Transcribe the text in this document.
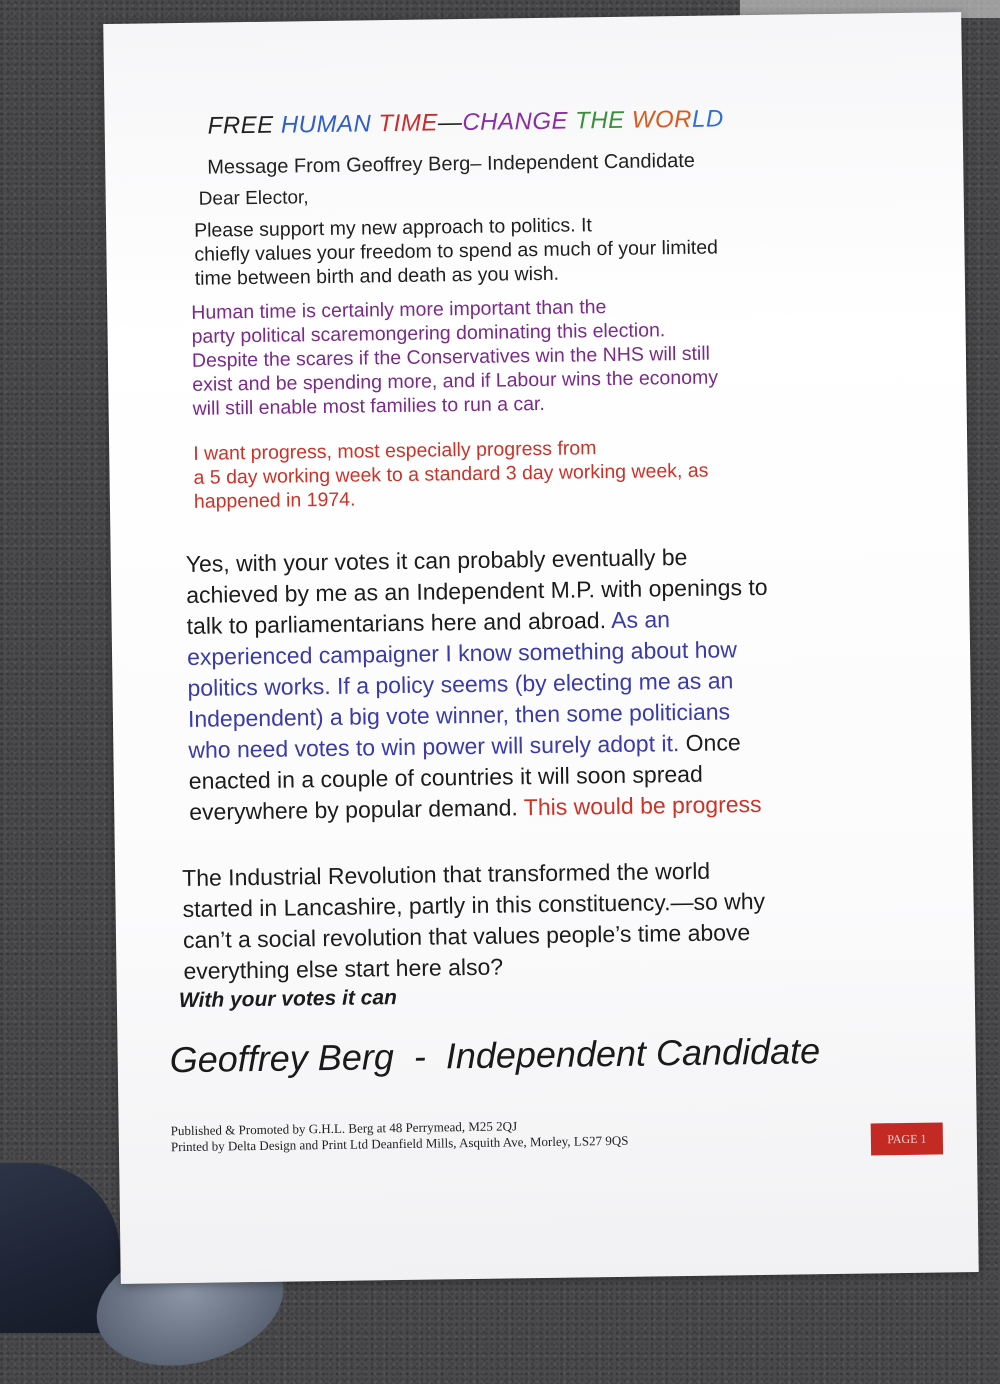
FREE HUMAN TIME—CHANGE THE WORLD
Message From Geoffrey Berg– Independent Candidate
Dear Elector,
Please support my new approach to politics. It
chiefly values your freedom to spend as much of your limited
time between birth and death as you wish.
Human time is certainly more important than the
party political scaremongering dominating this election.
Despite the scares if the Conservatives win the NHS will still
exist and be spending more, and if Labour wins the economy
will still enable most families to run a car.
I want progress, most especially progress from
a 5 day working week to a standard 3 day working week, as
happened in 1974.
Yes, with your votes it can probably eventually be
achieved by me as an Independent M.P. with openings to
talk to parliamentarians here and abroad. As an
experienced campaigner I know something about how
politics works. If a policy seems (by electing me as an
Independent) a big vote winner, then some politicians
who need votes to win power will surely adopt it. Once
enacted in a couple of countries it will soon spread
everywhere by popular demand. This would be progress
The Industrial Revolution that transformed the world
started in Lancashire, partly in this constituency.—so why
can’t a social revolution that values people’s time above
everything else start here also?
With your votes it can
Geoffrey Berg  -  Independent Candidate
Published & Promoted by G.H.L. Berg at 48 Perrymead, M25 2QJ
Printed by Delta Design and Print Ltd Deanfield Mills, Asquith Ave, Morley, LS27 9QS	PAGE 1
